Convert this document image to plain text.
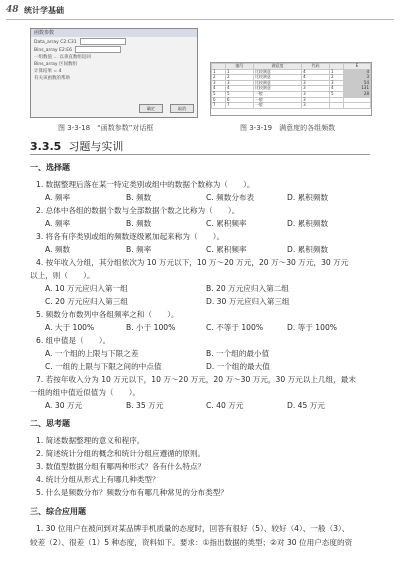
48 统计学基础
函数参数
Data_array C2:C31
Bins_array E2:E6
一组数值 … 以垂直数组返回
Bins_array 区间数组
计算结果 = 4
有关该函数的帮助
确定	取消
图 3-3-18　“函数参数”对话框
	编号	满意度	代码		E
1	1	比较满意	4	1	4
2	2	比较满意	4	2	3
3	3	比较满意	3	3	54
4	4	比较满意	3	4	131
5	5	一般	3	5	28
6	6	一般	3		
7	7	一般	3		
图 3-3-19　满意度的各组频数
3.3.5 习题与实训
一、选择题
1. 数据整理后落在某一特定类别或组中的数据个数称为（　　）。
A. 频率	B. 频数	C. 频数分布表	D. 累积频数
2. 总体中各组的数据个数与全部数据个数之比称为（　　）。
A. 频率	B. 频数	C. 累积频率	D. 累积频数
3. 将各有序类别或组的频数逐级累加起来称为（　　）。
A. 频数	B. 频率	C. 累积频率	D. 累积频数
4. 按年收入分组，其分组依次为 10 万元以下，10 万～20 万元，20 万～30 万元，30 万元
以上，则（　　）。
A. 10 万元应归入第一组	B. 20 万元应归入第二组
C. 20 万元应归入第三组	D. 30 万元应归入第三组
5. 频数分布数列中各组频率之和（　　）。
A. 大于 100%	B. 小于 100%	C. 不等于 100%	D. 等于 100%
6. 组中值是（　　）。
A. 一个组的上限与下限之差	B. 一个组的最小值
C. 一组的上限与下限之间的中点值	D. 一个组的最大值
7. 若按年收入分为 10 万元以下，10 万～20 万元，20 万～30 万元，30 万元以上几组，最末
一组的组中值近似值为（　　）。
A. 30 万元	B. 35 万元	C. 40 万元	D. 45 万元
二、思考题
1. 简述数据整理的意义和程序。
2. 简述统计分组的概念和统计分组应遵循的原则。
3. 数值型数据分组有哪两种形式？各有什么特点？
4. 统计分组从形式上有哪几种类型？
5. 什么是频数分布？频数分布有哪几种常见的分布类型？
三、综合应用题
1. 30 位用户在被问到对某品牌手机质量的态度时，回答有很好（5）、较好（4）、一般（3）、
较差（2）、很差（1）5 种态度，资料如下。要求：①指出数据的类型；②对 30 位用户态度的资
